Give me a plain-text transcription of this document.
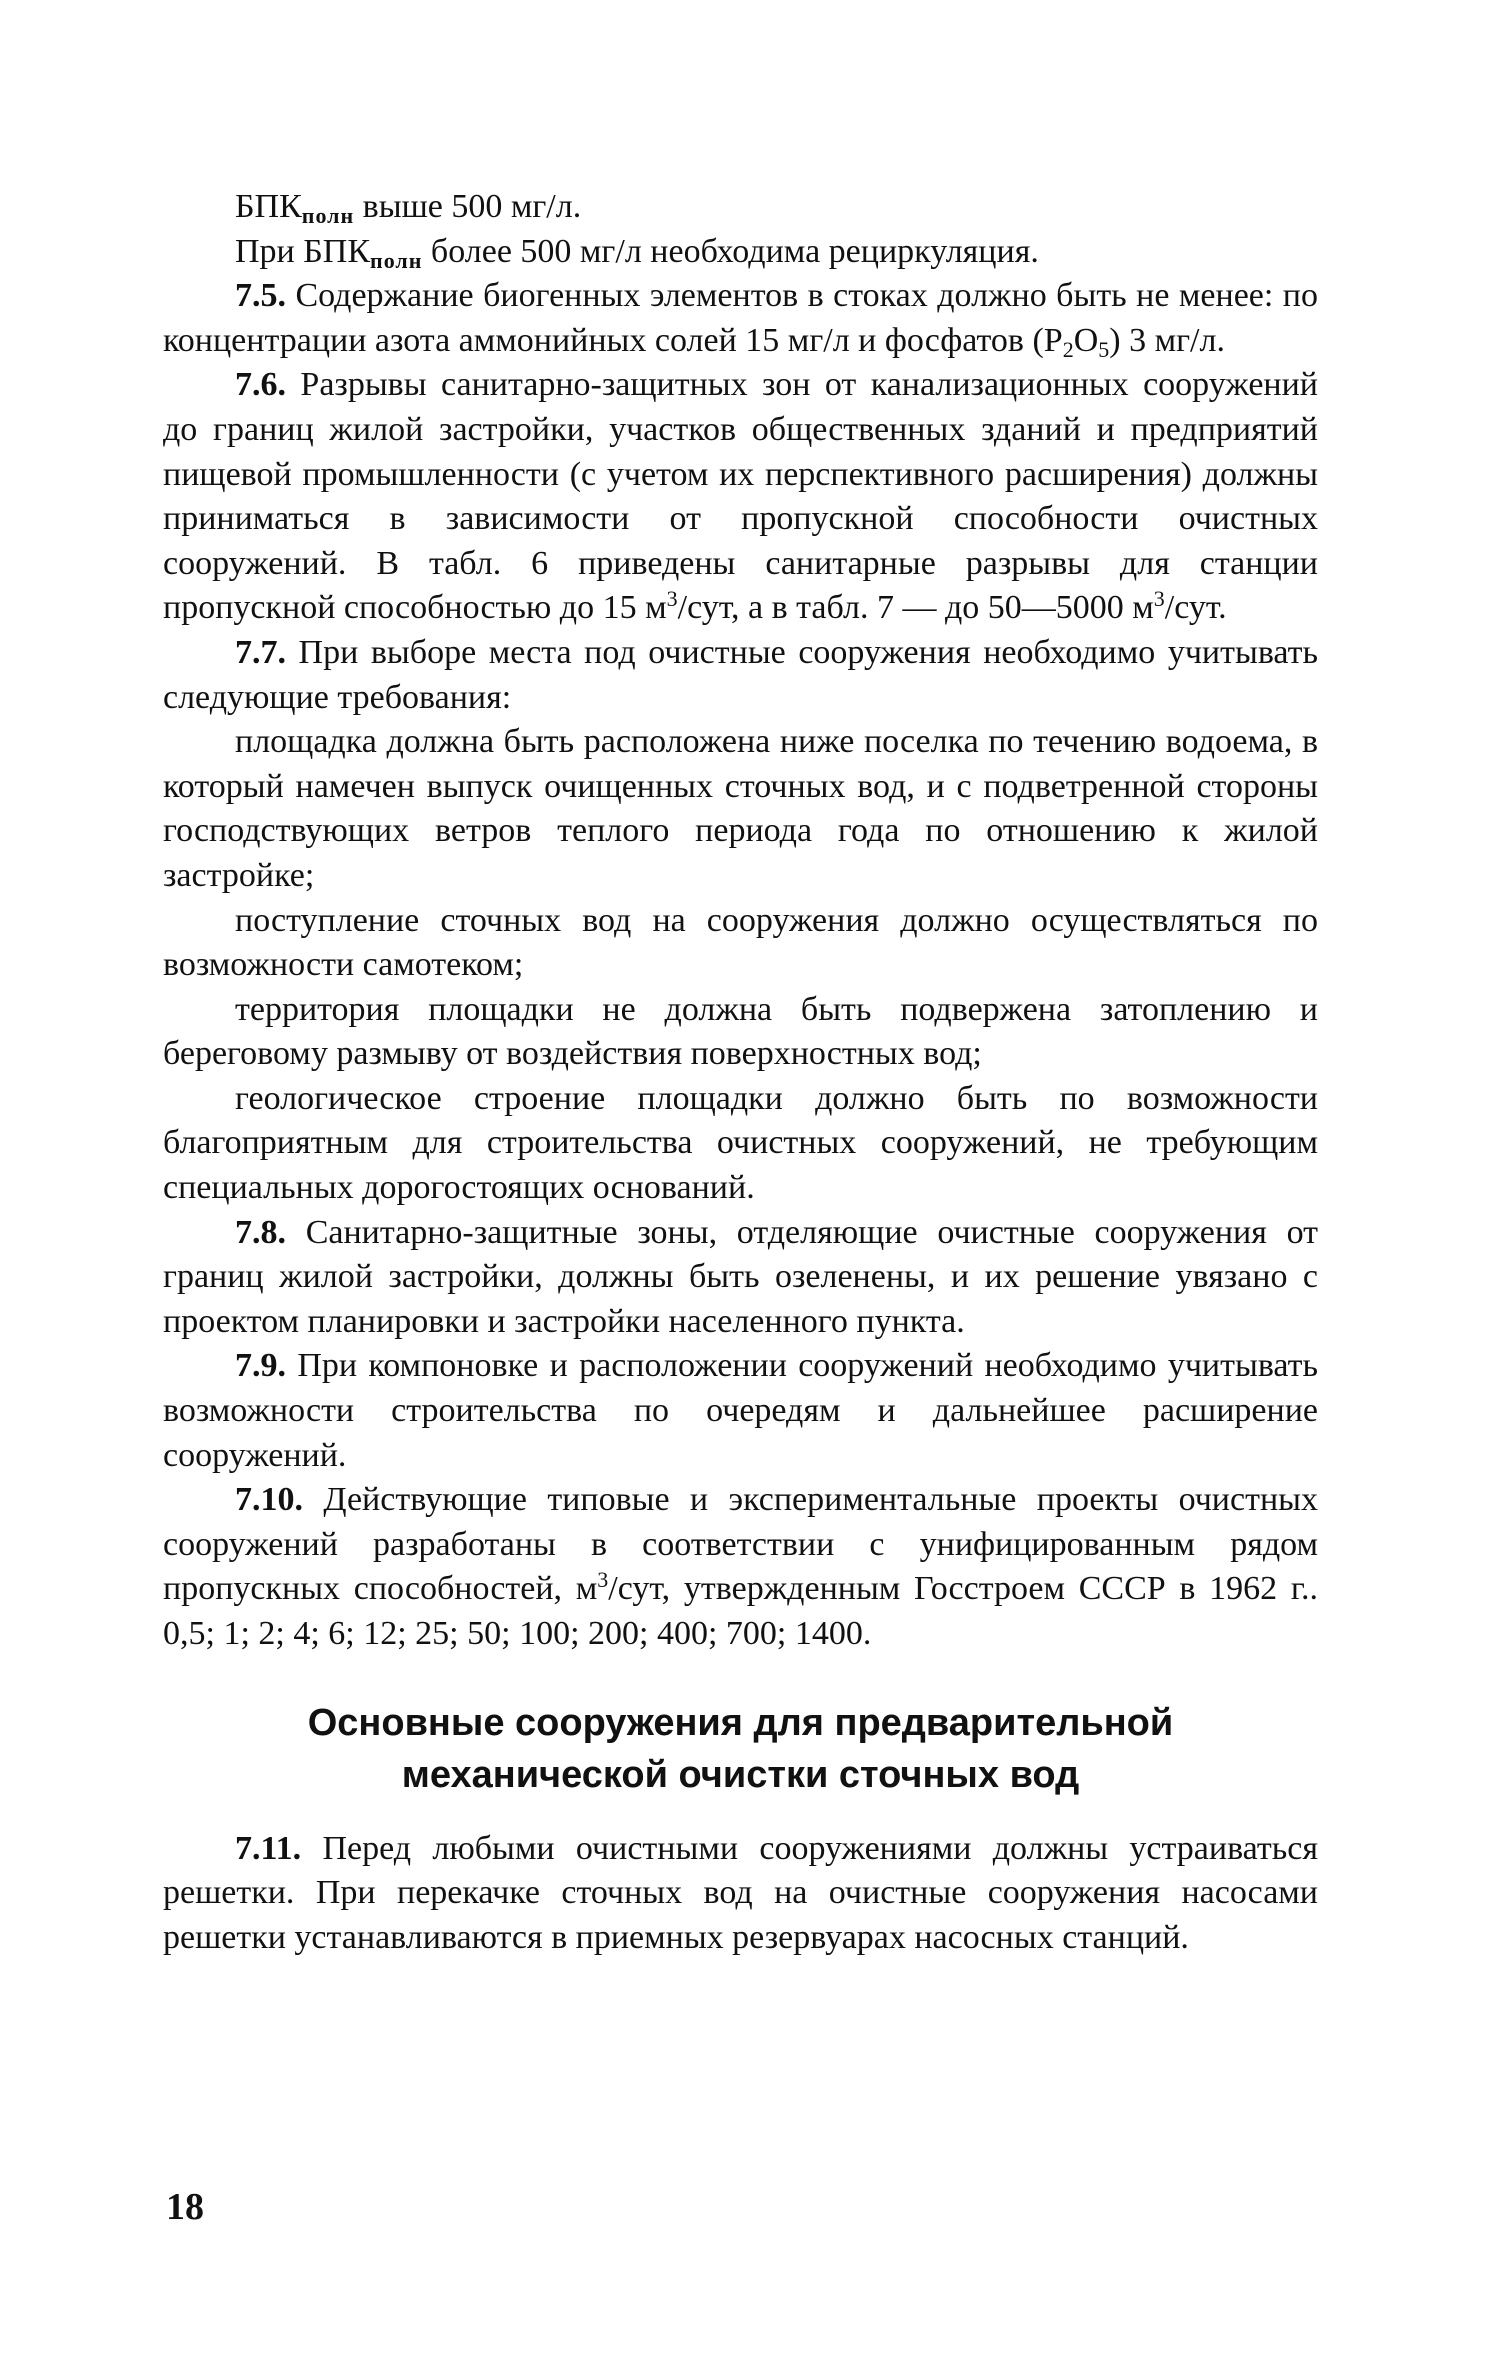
БПКполн выше 500 мг/л.

При БПКполн более 500 мг/л необходима рециркуляция.

7.5. Содержание биогенных элементов в стоках должно быть не менее: по концентрации азота аммонийных солей 15 мг/л и фосфатов $(P_2O_5)$ 3 мг/л.

7.6. Разрывы санитарно-защитных зон от канализационных сооружений до границ жилой застройки, участков общественных зданий и предприятий пищевой промышленности (с учетом их перспективного расширения) должны приниматься в зависимости от пропускной способности очистных сооружений. В табл. 6 приведены санитарные разрывы для станции пропускной способностью до 15 $м^3$/сут, а в табл. 7 — до 50—5000 $м^3$/сут.

7.7. При выборе места под очистные сооружения необходимо учитывать следующие требования:

площадка должна быть расположена ниже поселка по течению водоема, в который намечен выпуск очищенных сточных вод, и с подветренной стороны господствующих ветров теплого периода года по отношению к жилой застройке;

поступление сточных вод на сооружения должно осуществляться по возможности самотеком;

территория площадки не должна быть подвержена затоплению и береговому размыву от воздействия поверхностных вод;

геологическое строение площадки должно быть по возможности благоприятным для строительства очистных сооружений, не требующим специальных дорогостоящих оснований.

7.8. Санитарно-защитные зоны, отделяющие очистные сооружения от границ жилой застройки, должны быть озеленены, и их решение увязано с проектом планировки и застройки населенного пункта.

7.9. При компоновке и расположении сооружений необходимо учитывать возможности строительства по очередям и дальнейшее расширение сооружений.

7.10. Действующие типовые и экспериментальные проекты очистных сооружений разработаны в соответствии с унифицированным рядом пропускных способностей, $м^3$/сут, утвержденным Госстроем СССР в 1962 г.. 0,5; 1; 2; 4; 6; 12; 25; 50; 100; 200; 400; 700; 1400.

Основные сооружения для предварительной
механической очистки сточных вод

7.11. Перед любыми очистными сооружениями должны устраиваться решетки. При перекачке сточных вод на очистные сооружения насосами решетки устанавливаются в приемных резервуарах насосных станций.

18
